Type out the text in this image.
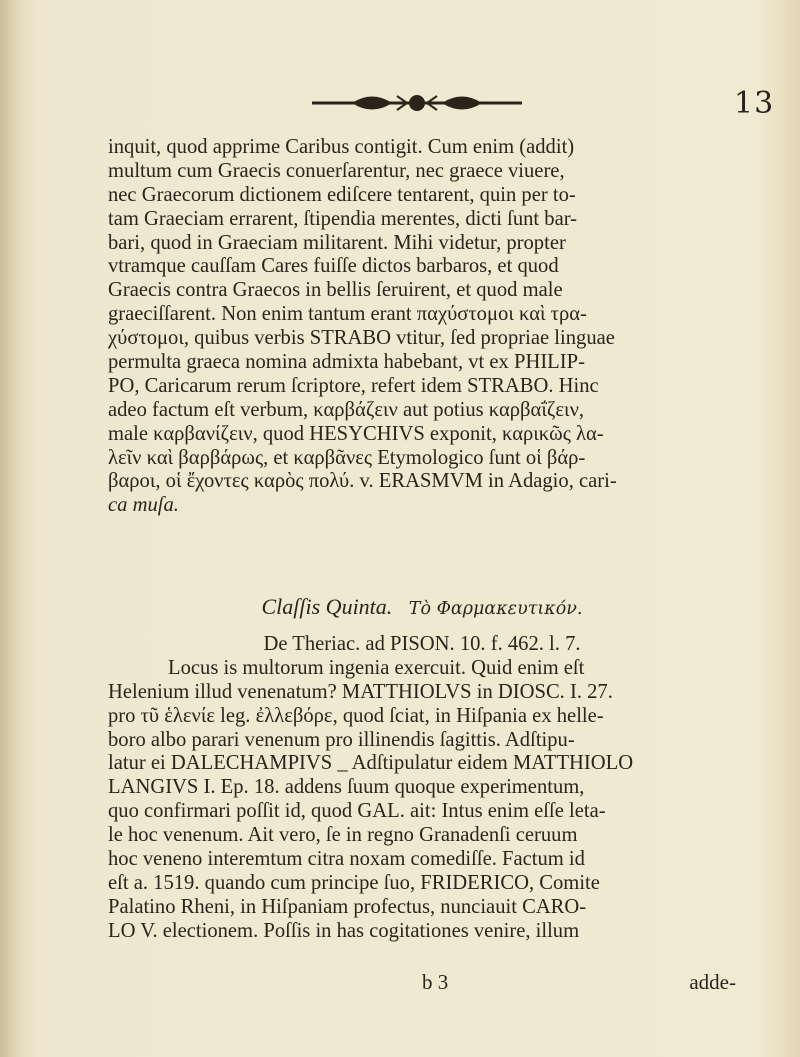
13
inquit, quod apprime Caribus contigit. Cum enim (addit)
multum cum Graecis conuerſarentur, nec graece viuere,
nec Graecorum dictionem ediſcere tentarent, quin per to-
tam Graeciam errarent, ſtipendia merentes, dicti ſunt bar-
bari, quod in Graeciam militarent. Mihi videtur, propter
vtramque cauſſam Cares fuiſſe dictos barbaros, et quod
Graecis contra Graecos in bellis ſeruirent, et quod male
graeciſſarent. Non enim tantum erant παχύστομοι καὶ τρα-
χύστομοι, quibus verbis STRABO vtitur, ſed propriae linguae
permulta graeca nomina admixta habebant, vt ex PHILIP-
PO, Caricarum rerum ſcriptore, refert idem STRABO. Hinc
adeo factum eſt verbum, καρβάζειν aut potius καρβαΐζειν,
male καρβανίζειν, quod HESYCHIVS exponit, καρικῶς λα-
λεῖν καὶ βαρβάρως, et καρβᾶνες Etymologico ſunt οἱ βάρ-
βαροι, οἱ ἔχοντες καρὸς πολύ. v. ERASMVM in Adagio, cari-
ca muſa.
Claſſis Quinta. Τὸ Φαρμακευτικόν.
De Theriac. ad PISON. 10. f. 462. l. 7.
Locus is multorum ingenia exercuit. Quid enim eſt
Helenium illud venenatum? MATTHIOLVS in DIOSC. I. 27.
pro τῦ ἑλενίε leg. ἐλλεβόρε, quod ſciat, in Hiſpania ex helle-
boro albo parari venenum pro illinendis ſagittis. Adſtipu-
latur ei DALECHAMPIVS _ Adſtipulatur eidem MATTHIOLO
LANGIVS I. Ep. 18. addens ſuum quoque experimentum,
quo confirmari poſſit id, quod GAL. ait: Intus enim eſſe leta-
le hoc venenum. Ait vero, ſe in regno Granadenſi ceruum
hoc veneno interemtum citra noxam comediſſe. Factum id
eſt a. 1519. quando cum principe ſuo, FRIDERICO, Comite
Palatino Rheni, in Hiſpaniam profectus, nunciauit CARO-
LO V. electionem. Poſſis in has cogitationes venire, illum
b 3	adde-
